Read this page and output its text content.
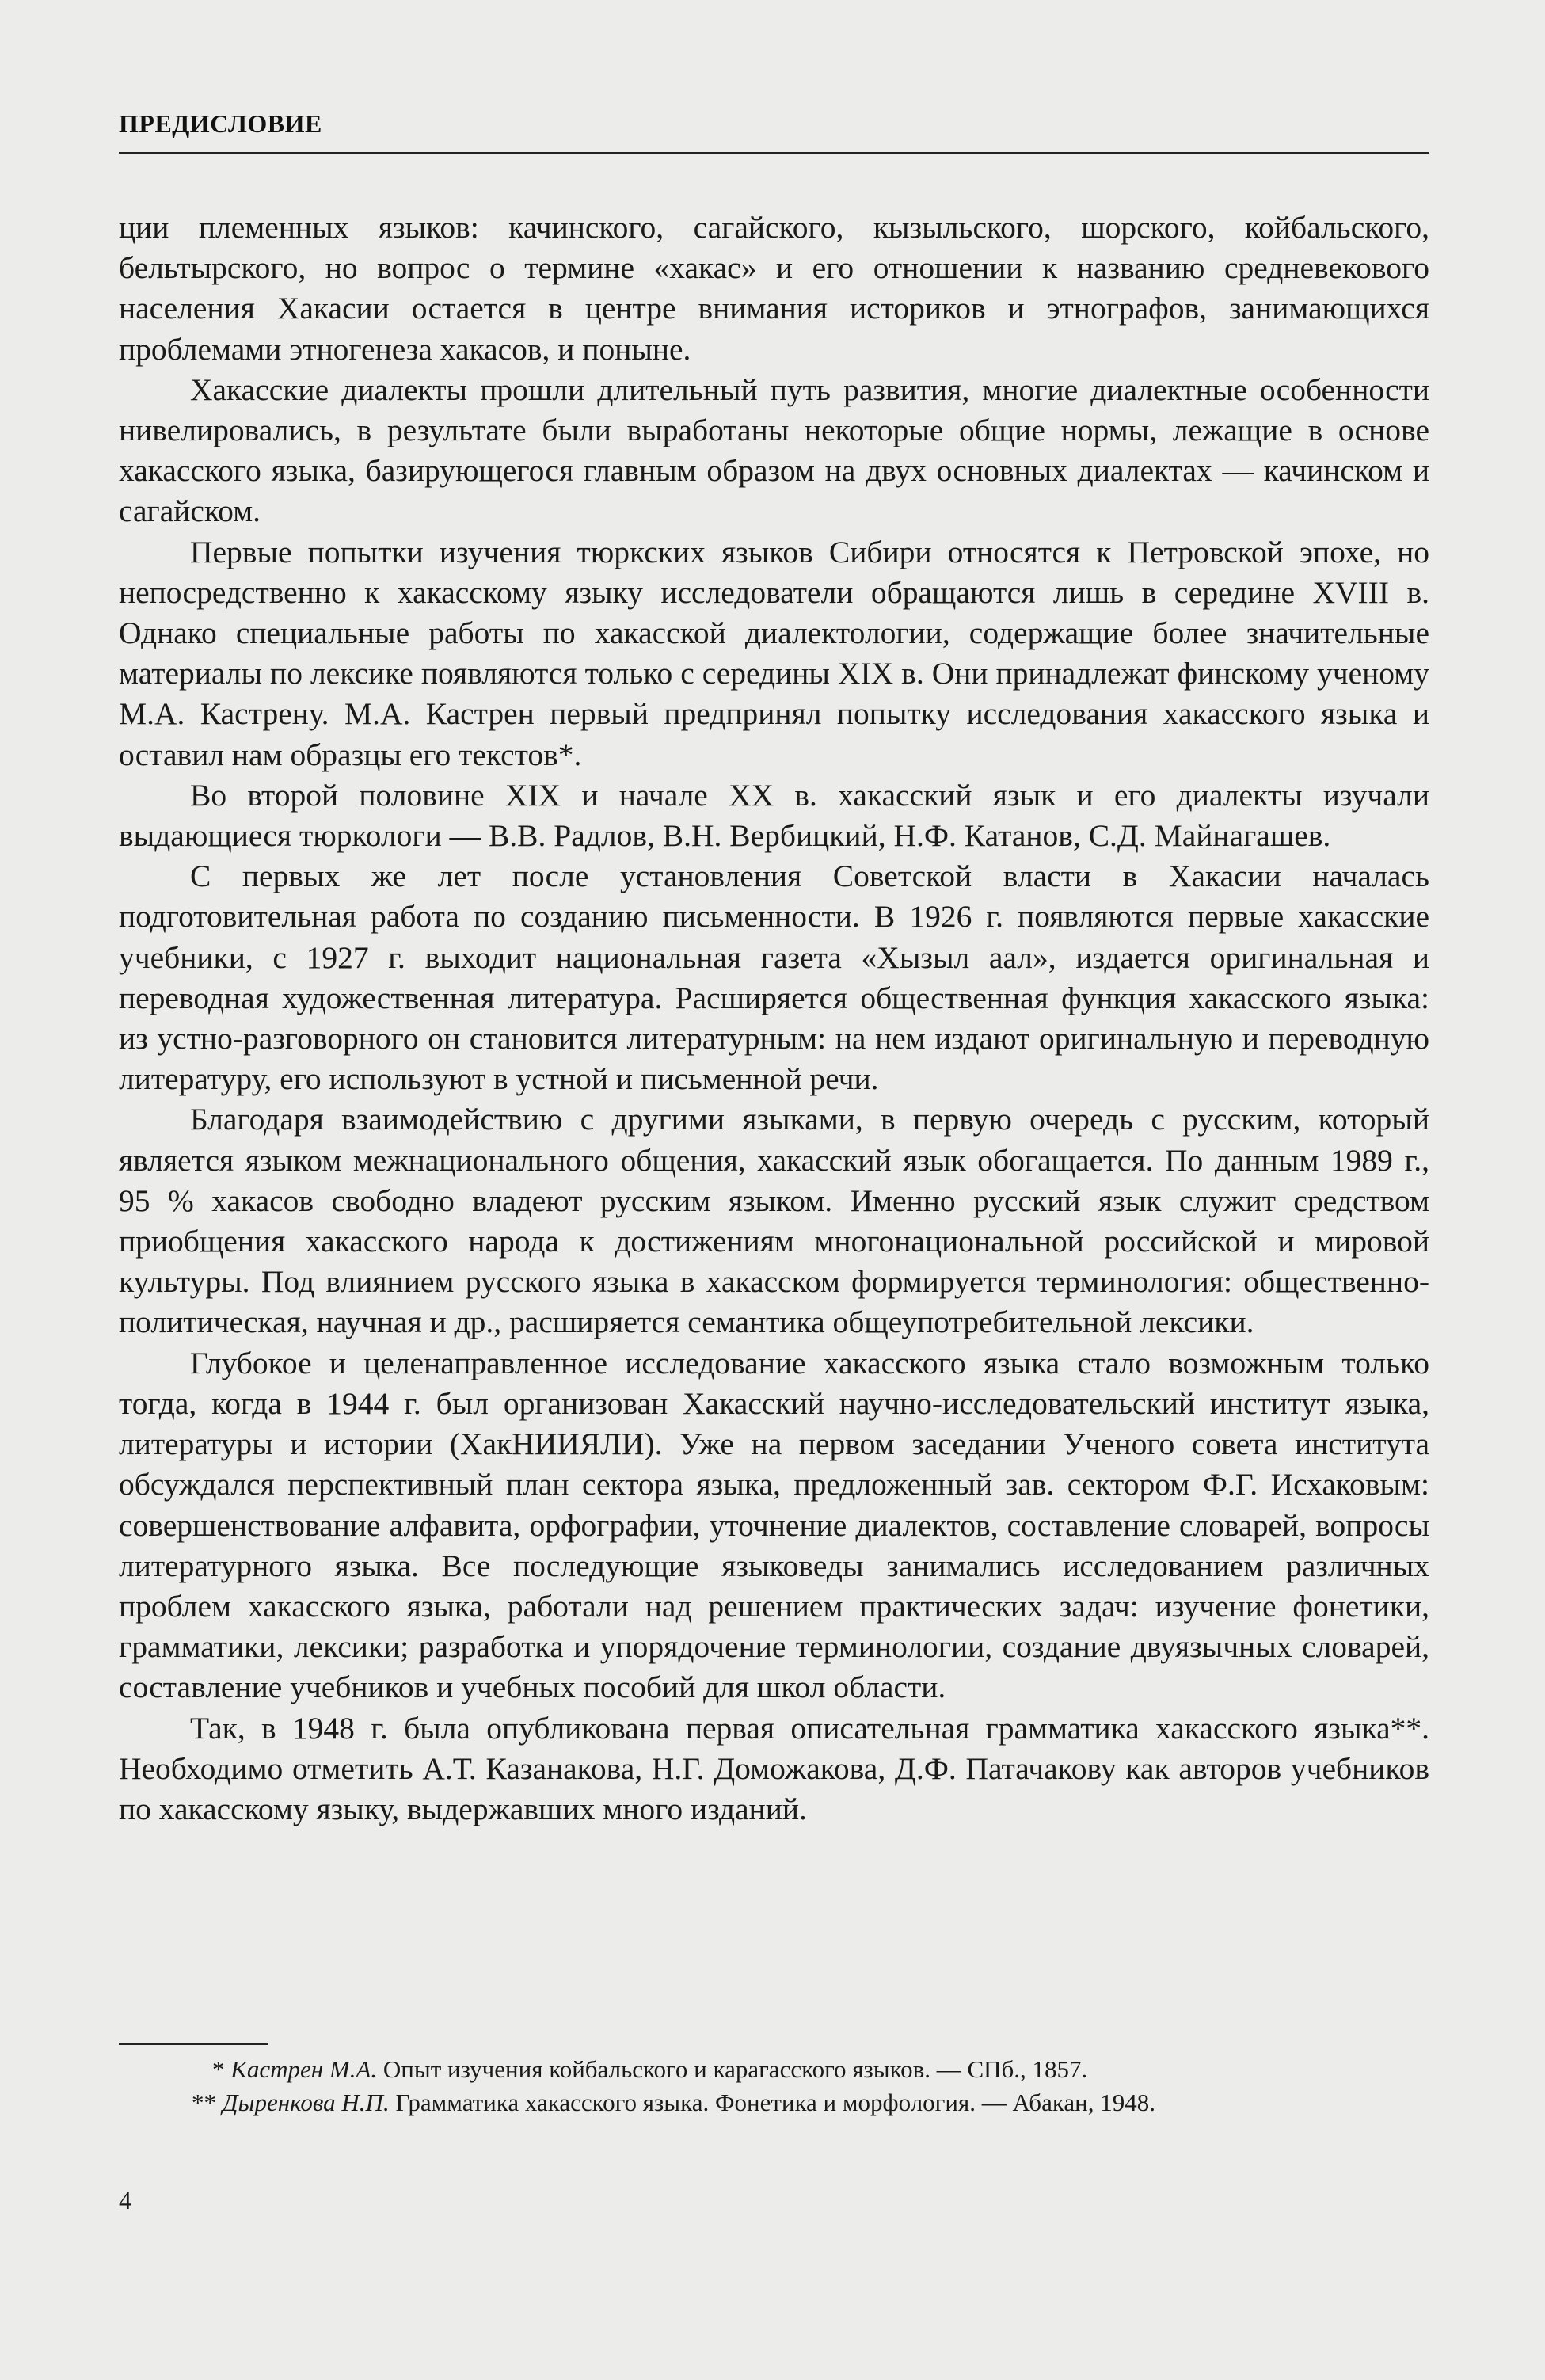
ПРЕДИСЛОВИЕ

ции племенных языков: качинского, сагайского, кызыльского, шорского, койбальского, бельтырского, но вопрос о термине «хакас» и его отношении к названию средневекового населения Хакасии остается в центре внимания историков и этнографов, занимающихся проблемами этногенеза хакасов, и поныне.

Хакасские диалекты прошли длительный путь развития, многие диалектные особенности нивелировались, в результате были выработаны некоторые общие нормы, лежащие в основе хакасского языка, базирующегося главным образом на двух основных диалектах — качинском и сагайском.

Первые попытки изучения тюркских языков Сибири относятся к Петровской эпохе, но непосредственно к хакасскому языку исследователи обращаются лишь в середине XVIII в. Однако специальные работы по хакасской диалектологии, содержащие более значительные материалы по лексике появляются только с середины XIX в. Они принадлежат финскому ученому М.А. Кастрену. М.А. Кастрен первый предпринял попытку исследования хакасского языка и оставил нам образцы его текстов*.

Во второй половине XIX и начале XX в. хакасский язык и его диалекты изучали выдающиеся тюркологи — В.В. Радлов, В.Н. Вербицкий, Н.Ф. Катанов, С.Д. Майнагашев.

С первых же лет после установления Советской власти в Хакасии началась подготовительная работа по созданию письменности. В 1926 г. появляются первые хакасские учебники, с 1927 г. выходит национальная газета «Хызыл аал», издается оригинальная и переводная художественная литература. Расширяется общественная функция хакасского языка: из устно-разговорного он становится литературным: на нем издают оригинальную и переводную литературу, его используют в устной и письменной речи.

Благодаря взаимодействию с другими языками, в первую очередь с русским, который является языком межнационального общения, хакасский язык обогащается. По данным 1989 г., 95 % хакасов свободно владеют русским языком. Именно русский язык служит средством приобщения хакасского народа к достижениям многонациональной российской и мировой культуры. Под влиянием русского языка в хакасском формируется терминология: общественно-политическая, научная и др., расширяется семантика общеупотребительной лексики.

Глубокое и целенаправленное исследование хакасского языка стало возможным только тогда, когда в 1944 г. был организован Хакасский научно-исследовательский институт языка, литературы и истории (ХакНИИЯЛИ). Уже на первом заседании Ученого совета института обсуждался перспективный план сектора языка, предложенный зав. сектором Ф.Г. Исхаковым: совершенствование алфавита, орфографии, уточнение диалектов, составление словарей, вопросы литературного языка. Все последующие языковеды занимались исследованием различных проблем хакасского языка, работали над решением практических задач: изучение фонетики, грамматики, лексики; разработка и упорядочение терминологии, создание двуязычных словарей, составление учебников и учебных пособий для школ области.

Так, в 1948 г. была опубликована первая описательная грамматика хакасского языка**. Необходимо отметить А.Т. Казанакова, Н.Г. Доможакова, Д.Ф. Патачакову как авторов учебников по хакасскому языку, выдержавших много изданий.

* Кастрен М.А. Опыт изучения койбальского и карагасского языков. — СПб., 1857.

** Дыренкова Н.П. Грамматика хакасского языка. Фонетика и морфология. — Абакан, 1948.

4
